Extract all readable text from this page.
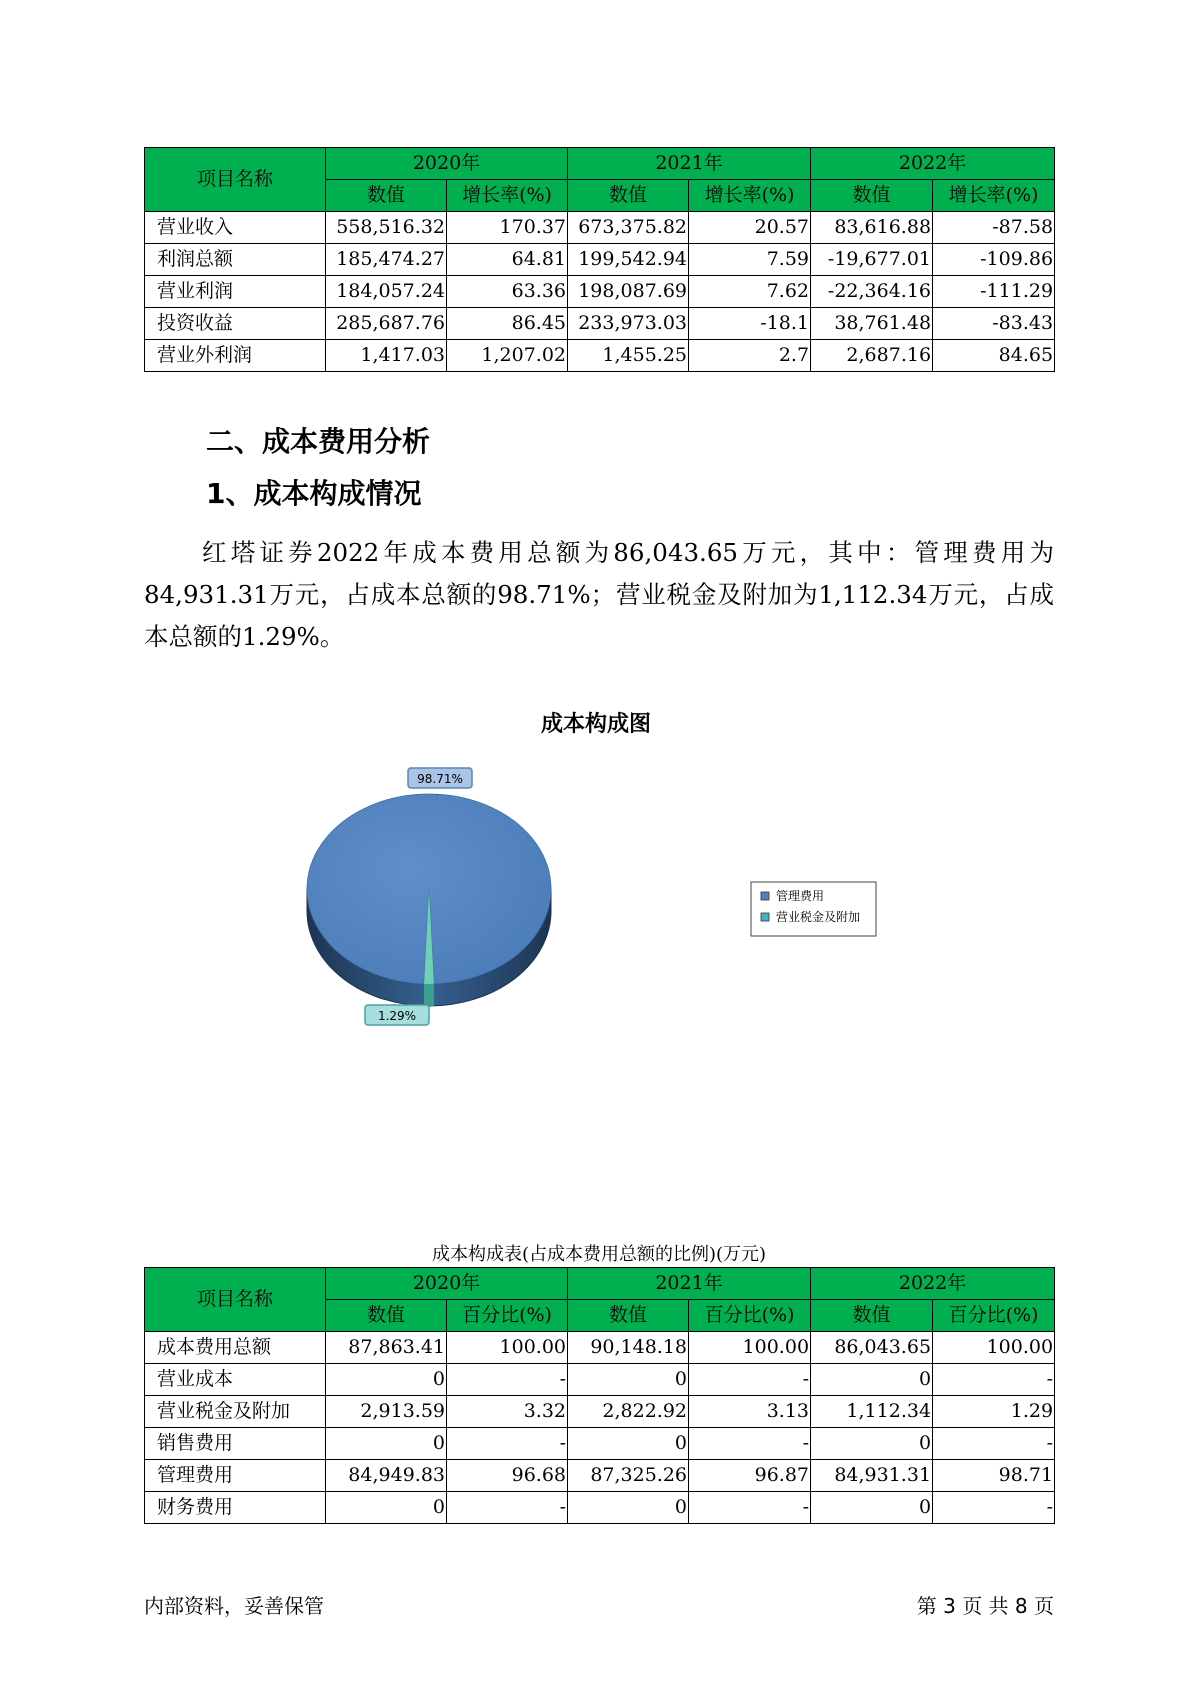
项目名称	2020年		2021年		2022年	
	数值	增长率(%)	数值	增长率(%)	数值	增长率(%)
营业收入	558,516.32	170.37	673,375.82	20.57	83,616.88	-87.58
利润总额	185,474.27	64.81	199,542.94	7.59	-19,677.01	-109.86
营业利润	184,057.24	63.36	198,087.69	7.62	-22,364.16	-111.29
投资收益	285,687.76	86.45	233,973.03	-18.1	38,761.48	-83.43
营业外利润	1,417.03	1,207.02	1,455.25	2.7	2,687.16	84.65
二、成本费用分析
1、成本构成情况

红塔证券2022年成本费用总额为86,043.65万元，其中：管理费用为84,931.31万元，占成本总额的98.71%；营业税金及附加为1,112.34万元，占成本总额的1.29%。

成本构成图
98.71%
1.29%
管理费用
营业税金及附加

成本构成表(占成本费用总额的比例)(万元)

项目名称	2020年		2021年		2022年	
	数值	百分比(%)	数值	百分比(%)	数值	百分比(%)
成本费用总额	87,863.41	100.00	90,148.18	100.00	86,043.65	100.00
营业成本	0	-	0	-	0	-
营业税金及附加	2,913.59	3.32	2,822.92	3.13	1,112.34	1.29
销售费用	0	-	0	-	0	-
管理费用	84,949.83	96.68	87,325.26	96.87	84,931.31	98.71
财务费用	0	-	0	-	0	-
内部资料，妥善保管	第 3 页 共 8 页
